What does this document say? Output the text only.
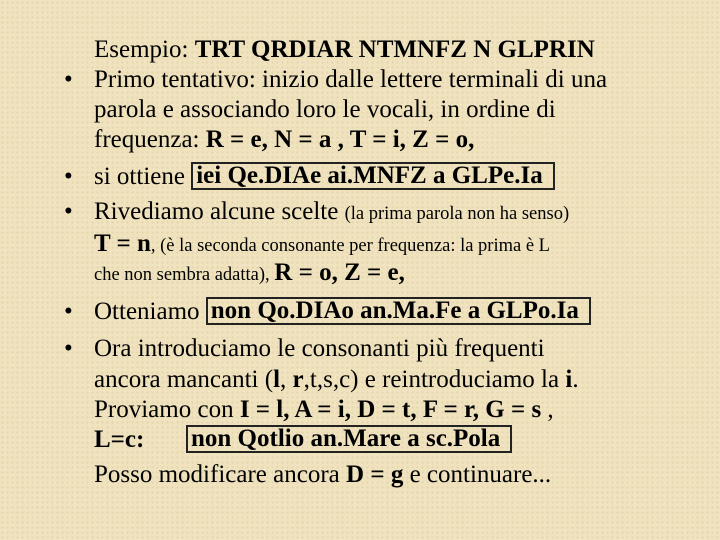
Esempio: TRT QRDIAR NTMNFZ N GLPRIN
• Primo tentativo: inizio dalle lettere terminali di una
parola e associando loro le vocali, in ordine di
frequenza: R = e, N = a , T = i, Z = o,
• si ottiene iei Qe.DIAe ai.MNFZ a GLPe.Ia
• Rivediamo alcune scelte (la prima parola non ha senso)
T = n, (è la seconda consonante per frequenza: la prima è L
che non sembra adatta), R = o, Z = e,
• Otteniamo non Qo.DIAo an.Ma.Fe a GLPo.Ia
• Ora introduciamo le consonanti più frequenti
ancora mancanti (l, r,t,s,c) e reintroduciamo la i.
Proviamo con I = l, A = i, D = t, F = r, G = s ,
L=c:non Qotlio an.Mare a sc.Pola
Posso modificare ancora D = g e continuare...
